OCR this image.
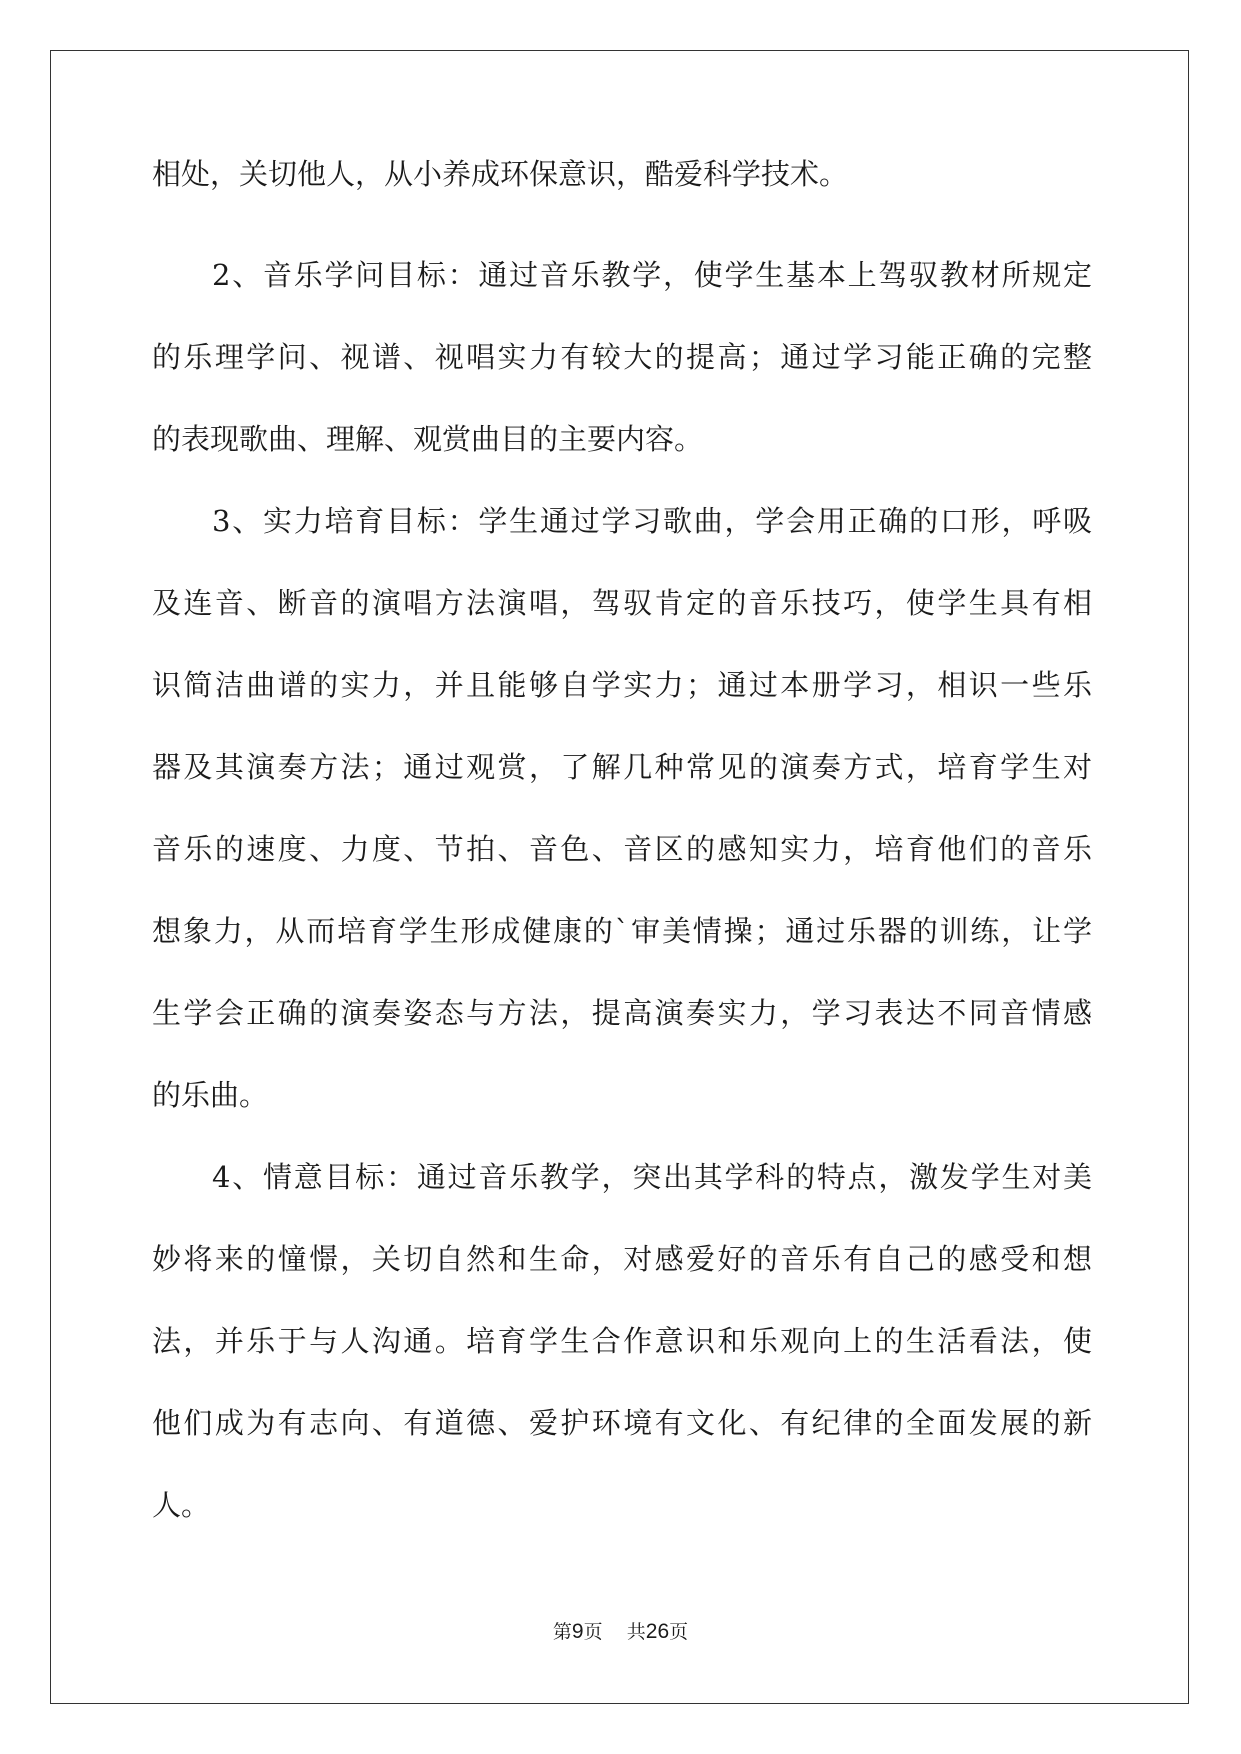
相处，关切他人，从小养成环保意识，酷爱科学技术。
2、音乐学问目标：通过音乐教学，使学生基本上驾驭教材所规定
的乐理学问、视谱、视唱实力有较大的提高；通过学习能正确的完整
的表现歌曲、理解、观赏曲目的主要内容。
3、实力培育目标：学生通过学习歌曲，学会用正确的口形，呼吸
及连音、断音的演唱方法演唱，驾驭肯定的音乐技巧，使学生具有相
识简洁曲谱的实力，并且能够自学实力；通过本册学习，相识一些乐
器及其演奏方法；通过观赏，了解几种常见的演奏方式，培育学生对
音乐的速度、力度、节拍、音色、音区的感知实力，培育他们的音乐
想象力，从而培育学生形成健康的`审美情操；通过乐器的训练，让学
生学会正确的演奏姿态与方法，提高演奏实力，学习表达不同音情感
的乐曲。
4、情意目标：通过音乐教学，突出其学科的特点，激发学生对美
妙将来的憧憬，关切自然和生命，对感爱好的音乐有自己的感受和想
法，并乐于与人沟通。培育学生合作意识和乐观向上的生活看法，使
他们成为有志向、有道德、爱护环境有文化、有纪律的全面发展的新
人。
第9页 共26页
